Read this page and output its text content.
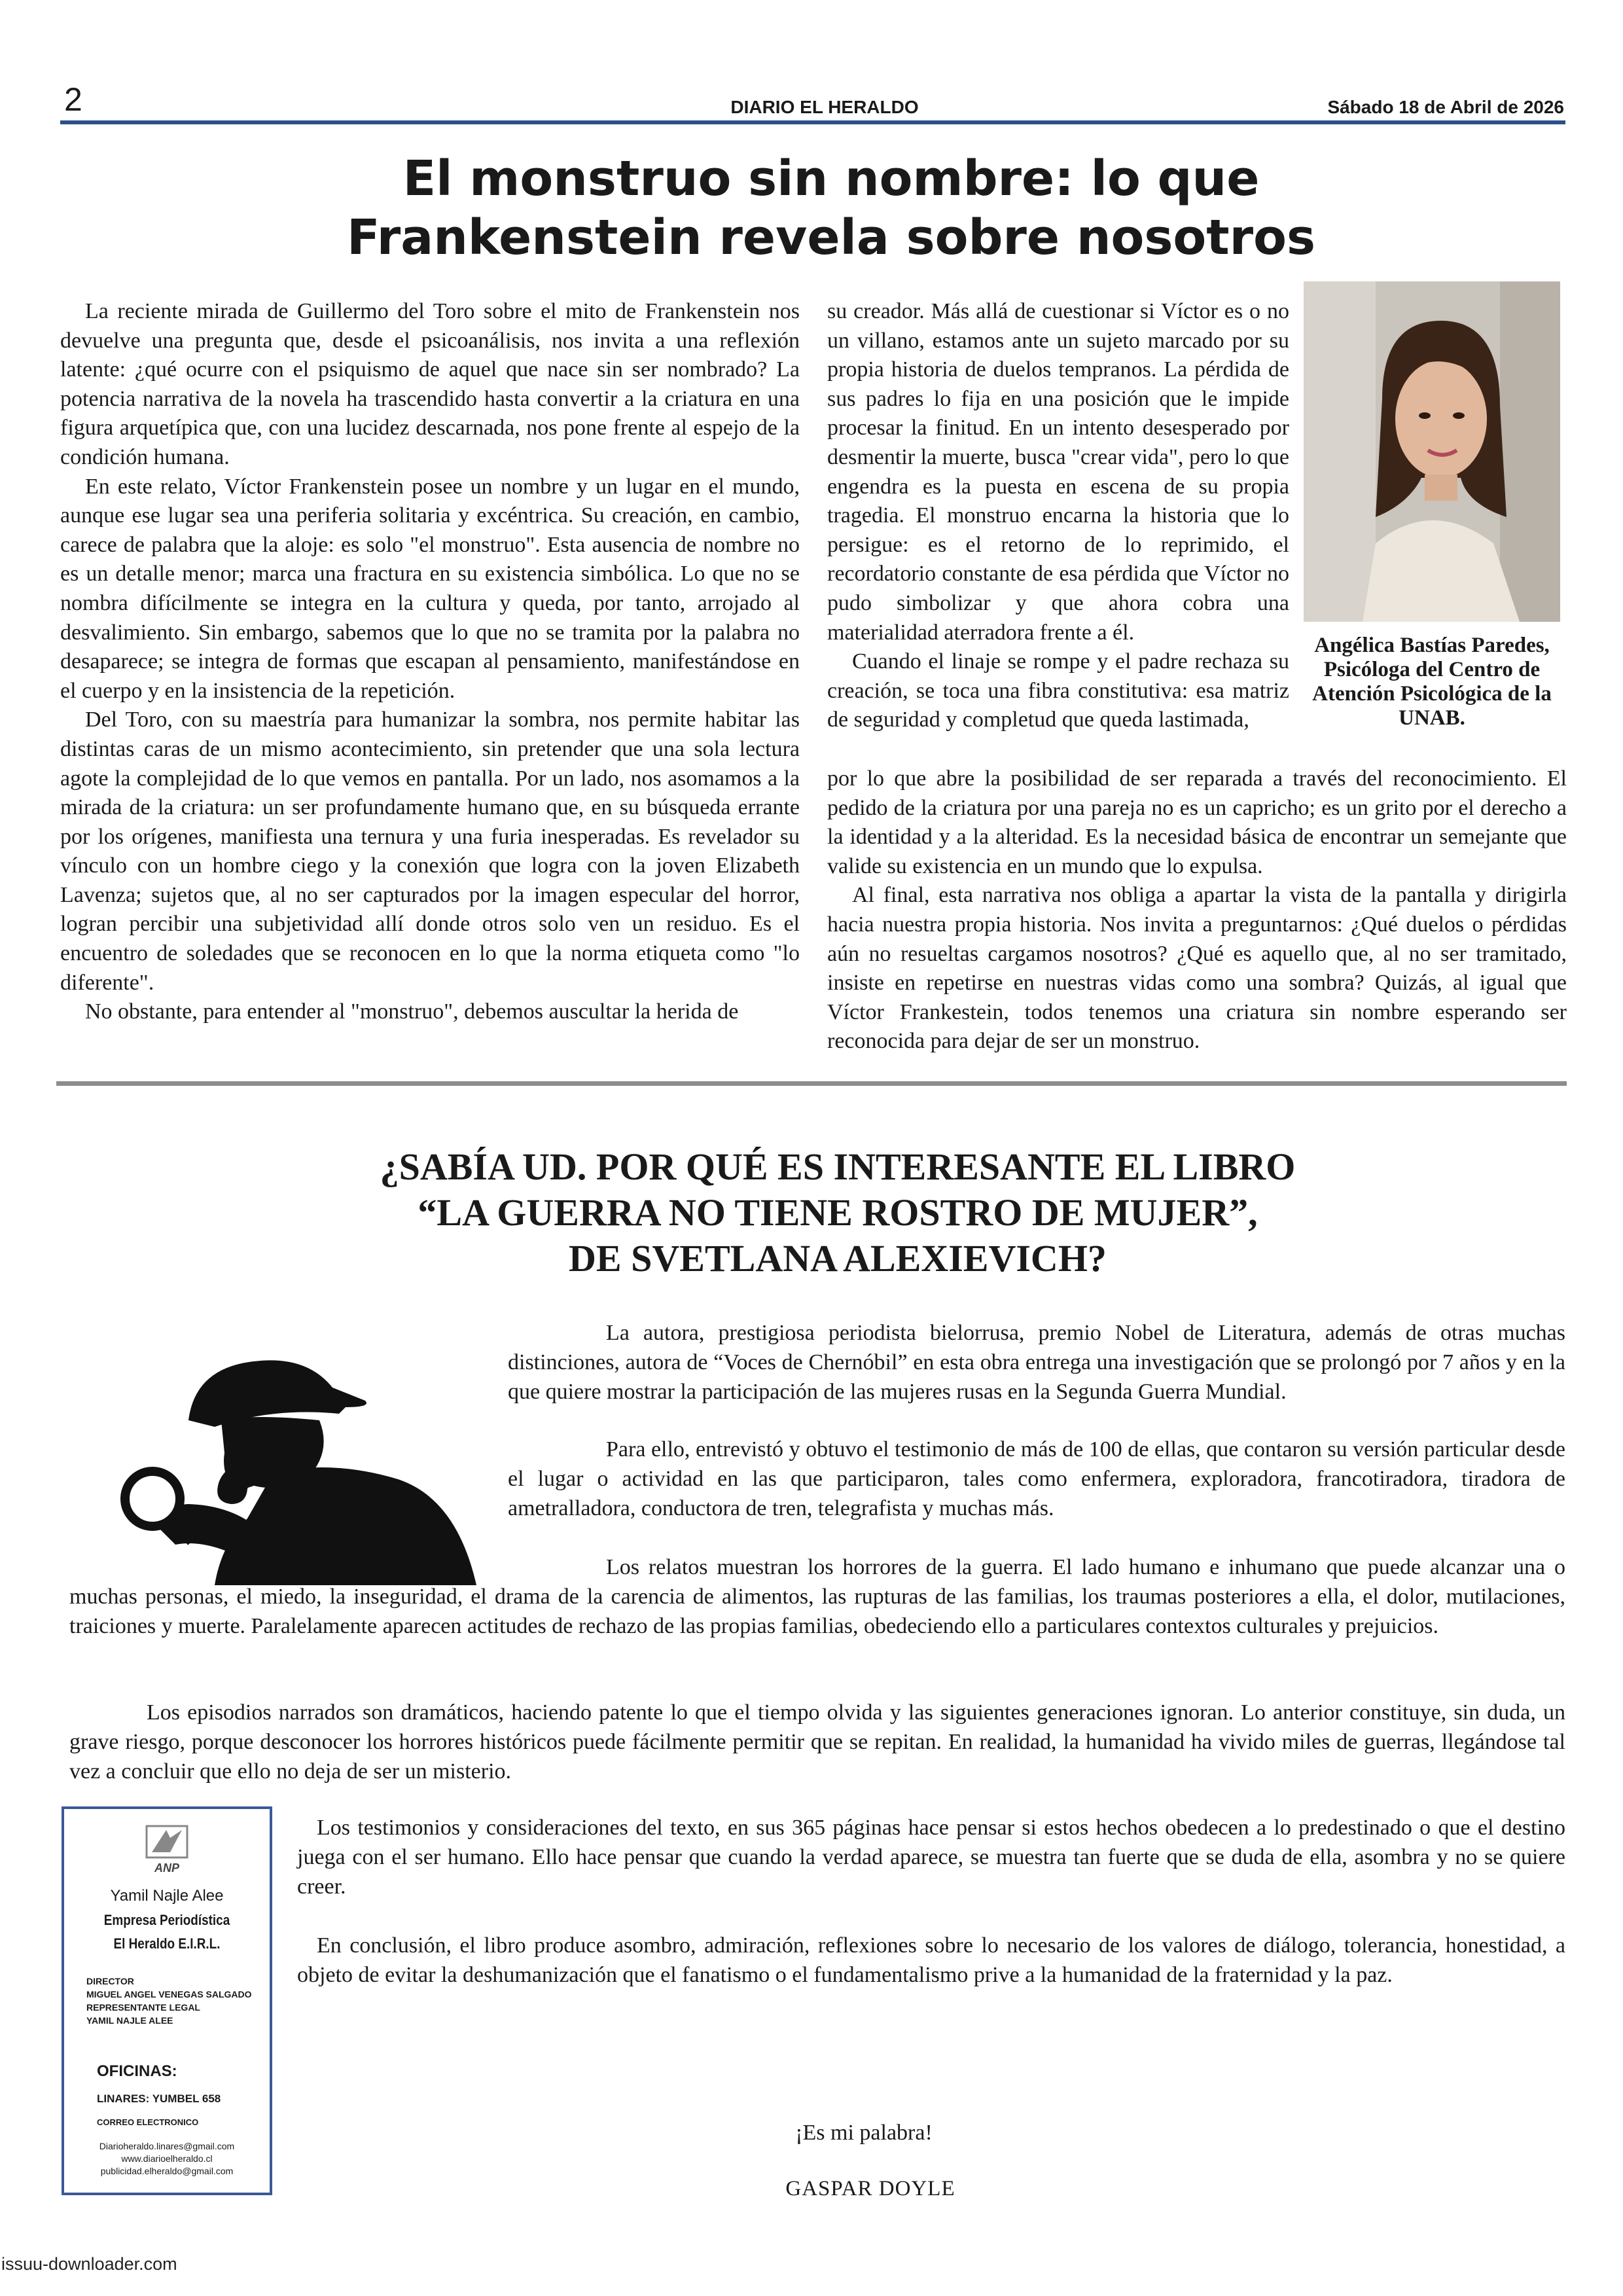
2	DIARIO EL HERALDO	Sábado 18 de Abril de 2026
El monstruo sin nombre: lo que
Frankenstein revela sobre nosotros

La reciente mirada de Guillermo del Toro sobre el mito de Frankenstein nos devuelve una pregunta que, desde el psicoanálisis, nos invita a una reflexión latente: ¿qué ocurre con el psiquismo de aquel que nace sin ser nombrado? La potencia narrativa de la novela ha trascendido hasta convertir a la criatura en una figura arquetípica que, con una lucidez descarnada, nos pone frente al espejo de la condición humana.

En este relato, Víctor Frankenstein posee un nombre y un lugar en el mundo, aunque ese lugar sea una periferia solitaria y excéntrica. Su creación, en cambio, carece de palabra que la aloje: es solo "el monstruo". Esta ausencia de nombre no es un detalle menor; marca una fractura en su existencia simbólica. Lo que no se nombra difícilmente se integra en la cultura y queda, por tanto, arrojado al desvalimiento. Sin embargo, sabemos que lo que no se tramita por la palabra no desaparece; se integra de formas que escapan al pensamiento, manifestándose en el cuerpo y en la insistencia de la repetición.

Del Toro, con su maestría para humanizar la sombra, nos permite habitar las distintas caras de un mismo acontecimiento, sin pretender que una sola lectura agote la complejidad de lo que vemos en pantalla. Por un lado, nos asomamos a la mirada de la criatura: un ser profundamente humano que, en su búsqueda errante por los orígenes, manifiesta una ternura y una furia inesperadas. Es revelador su vínculo con un hombre ciego y la conexión que logra con la joven Elizabeth Lavenza; sujetos que, al no ser capturados por la imagen especular del horror, logran percibir una subjetividad allí donde otros solo ven un residuo. Es el encuentro de soledades que se reconocen en lo que la norma etiqueta como "lo diferente".

No obstante, para entender al "monstruo", debemos auscultar la herida de

su creador. Más allá de cuestionar si Víctor es o no un villano, estamos ante un sujeto marcado por su propia historia de duelos tempranos. La pérdida de sus padres lo fija en una posición que le impide procesar la finitud. En un intento desesperado por desmentir la muerte, busca "crear vida", pero lo que engendra es la puesta en escena de su propia tragedia. El monstruo encarna la historia que lo persigue: es el retorno de lo reprimido, el recordatorio constante de esa pérdida que Víctor no pudo simbolizar y que ahora cobra una materialidad aterradora frente a él.

Cuando el linaje se rompe y el padre rechaza su creación, se toca una fibra constitutiva: esa matriz de seguridad y completud que queda lastimada,

por lo que abre la posibilidad de ser reparada a través del reconocimiento. El pedido de la criatura por una pareja no es un capricho; es un grito por el derecho a la identidad y a la alteridad. Es la necesidad básica de encontrar un semejante que valide su existencia en un mundo que lo expulsa.

Al final, esta narrativa nos obliga a apartar la vista de la pantalla y dirigirla hacia nuestra propia historia. Nos invita a preguntarnos: ¿Qué duelos o pérdidas aún no resueltas cargamos nosotros? ¿Qué es aquello que, al no ser tramitado, insiste en repetirse en nuestras vidas como una sombra? Quizás, al igual que Víctor Frankestein, todos tenemos una criatura sin nombre esperando ser reconocida para dejar de ser un monstruo.

Angélica Bastías Paredes, Psicóloga del Centro de Atención Psicológica de la UNAB.
¿SABÍA UD. POR QUÉ ES INTERESANTE EL LIBRO
“LA GUERRA NO TIENE ROSTRO DE MUJER”,
DE SVETLANA ALEXIEVICH?

La autora, prestigiosa periodista bielorrusa, premio Nobel de Literatura, además de otras muchas distinciones, autora de “Voces de Chernóbil” en esta obra entrega una investigación que se prolongó por 7 años y en la que quiere mostrar la participación de las mujeres rusas en la Segunda Guerra Mundial.

Para ello, entrevistó y obtuvo el testimonio de más de 100 de ellas, que contaron su versión particular desde el lugar o actividad en las que participaron, tales como enfermera, exploradora, francotiradora, tiradora de ametralladora, conductora de tren, telegrafista y muchas más.

Los relatos muestran los horrores de la guerra. El lado humano e inhumano que puede alcanzar una o muchas personas, el miedo, la inseguridad, el drama de la carencia de alimentos, las rupturas de las familias, los traumas posteriores a ella, el dolor, mutilaciones, traiciones y muerte. Paralelamente aparecen actitudes de rechazo de las propias familias, obedeciendo ello a particulares contextos culturales y prejuicios.

Los episodios narrados son dramáticos, haciendo patente lo que el tiempo olvida y las siguientes generaciones ignoran. Lo anterior constituye, sin duda, un grave riesgo, porque desconocer los horrores históricos puede fácilmente permitir que se repitan. En realidad, la humanidad ha vivido miles de guerras, llegándose tal vez a concluir que ello no deja de ser un misterio.

Los testimonios y consideraciones del texto, en sus 365 páginas hace pensar si estos hechos obedecen a lo predestinado o que el destino juega con el ser humano. Ello hace pensar que cuando la verdad aparece, se muestra tan fuerte que se duda de ella, asombra y no se quiere creer.

En conclusión, el libro produce asombro, admiración, reflexiones sobre lo necesario de los valores de diálogo, tolerancia, honestidad, a objeto de evitar la deshumanización que el fanatismo o el fundamentalismo prive a la humanidad de la fraternidad y la paz.

¡Es mi palabra!
GASPAR DOYLE
ANP
Yamil Najle Alee
Empresa Periodística
El Heraldo E.I.R.L.
DIRECTOR
MIGUEL ANGEL VENEGAS SALGADO
REPRESENTANTE LEGAL
YAMIL NAJLE ALEE
OFICINAS:
LINARES: YUMBEL 658
CORREO ELECTRONICO
Diarioheraldo.linares@gmail.com
www.diarioelheraldo.cl
publicidad.elheraldo@gmail.com
issuu-downloader.com
